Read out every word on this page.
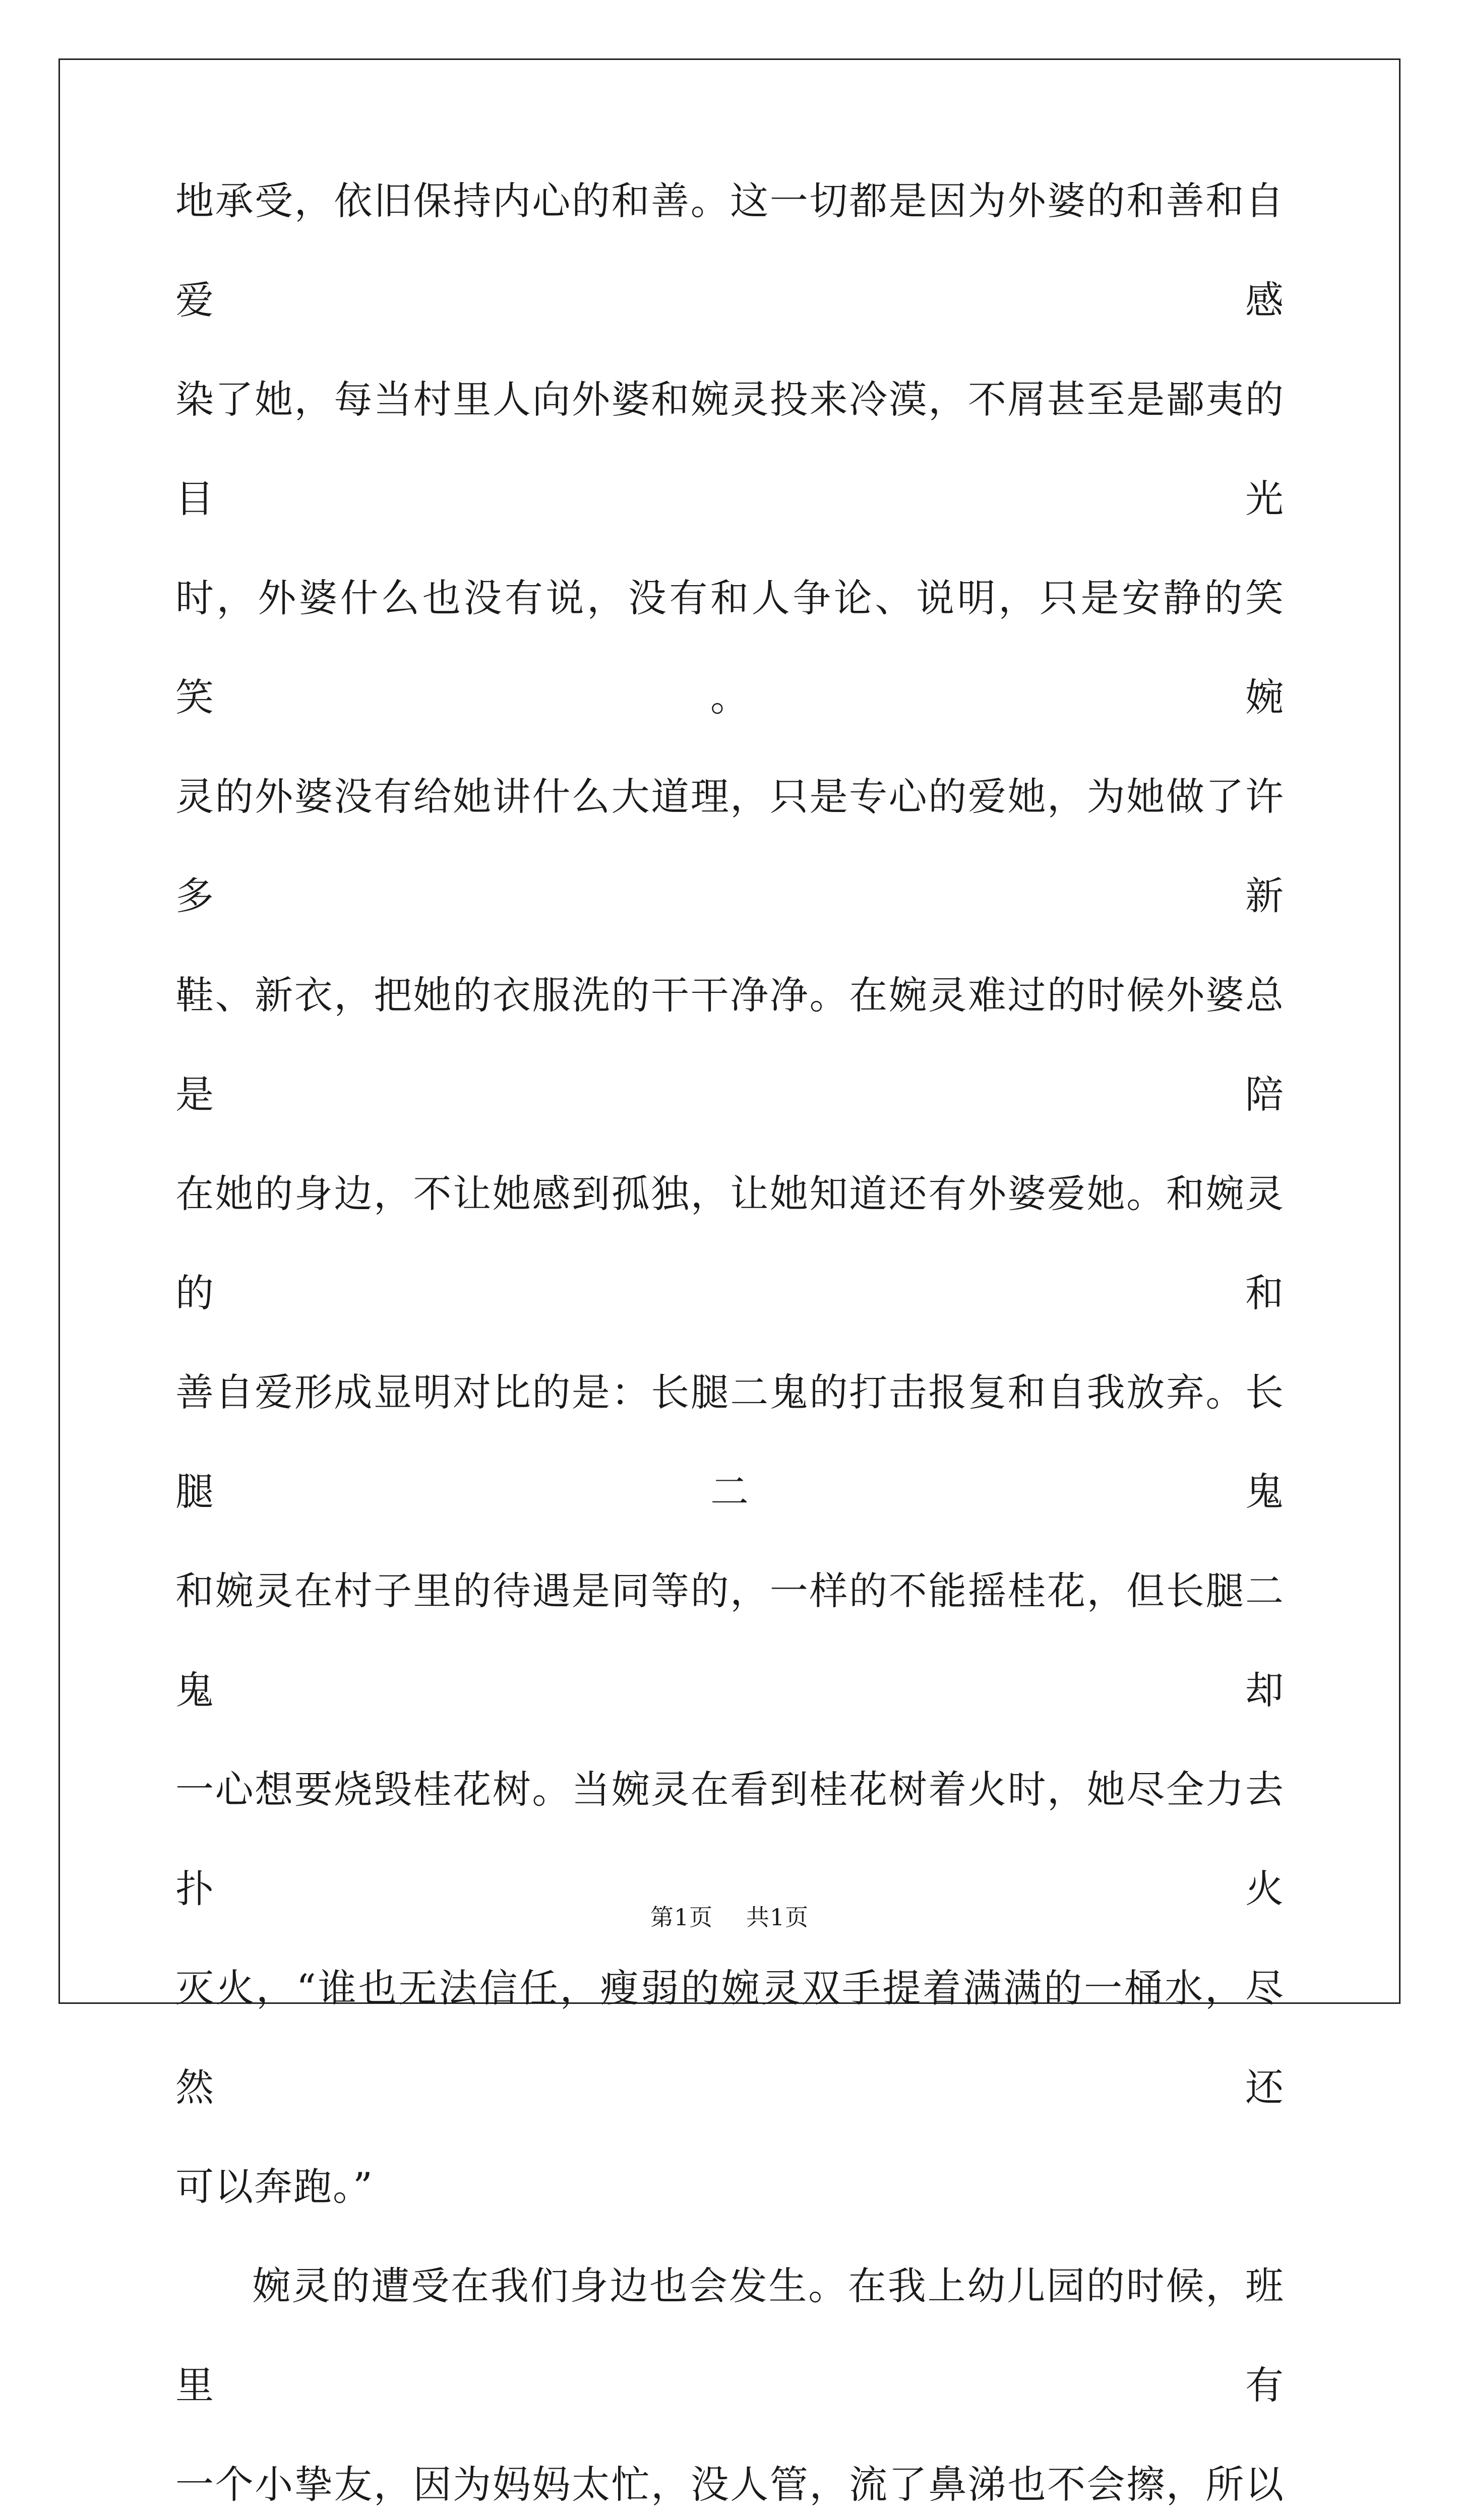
地承受，依旧保持内心的和善。这一切都是因为外婆的和善和自爱感
染了她，每当村里人向外婆和婉灵投来冷漠，不屑甚至是鄙夷的目光
时，外婆什么也没有说，没有和人争论、说明，只是安静的笑笑。婉
灵的外婆没有给她讲什么大道理，只是专心的爱她，为她做了许多新
鞋、新衣，把她的衣服洗的干干净净。在婉灵难过的时候外婆总是陪
在她的身边，不让她感到孤独，让她知道还有外婆爱她。和婉灵的和
善自爱形成显明对比的是：长腿二鬼的打击报复和自我放弃。长腿二鬼
和婉灵在村子里的待遇是同等的，一样的不能摇桂花，但长腿二鬼却
一心想要烧毁桂花树。当婉灵在看到桂花树着火时，她尽全力去扑火
灭火，“谁也无法信任，瘦弱的婉灵双手提着满满的一桶水，尽然还
可以奔跑。”
婉灵的遭受在我们身边也会发生。在我上幼儿园的时候，班里有
一个小挚友，因为妈妈太忙，没人管，流了鼻涕也不会擦，所以
第1页 共1页
